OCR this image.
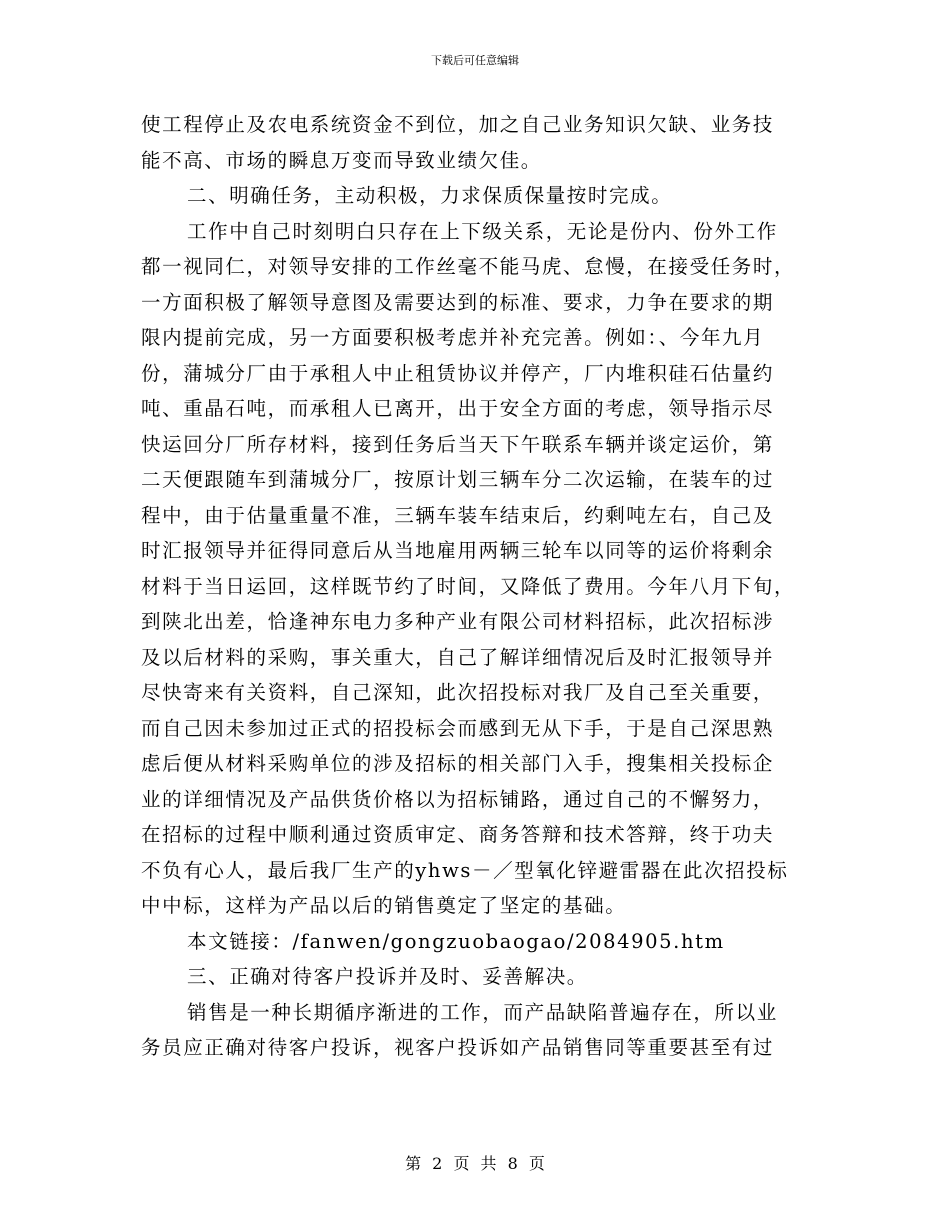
下载后可任意编辑
使工程停止及农电系统资金不到位，加之自己业务知识欠缺、业务技
能不高、市场的瞬息万变而导致业绩欠佳。
二、明确任务，主动积极，力求保质保量按时完成。
工作中自己时刻明白只存在上下级关系，无论是份内、份外工作
都一视同仁，对领导安排的工作丝毫不能马虎、怠慢，在接受任务时，
一方面积极了解领导意图及需要达到的标准、要求，力争在要求的期
限内提前完成，另一方面要积极考虑并补充完善。例如：、今年九月
份，蒲城分厂由于承租人中止租赁协议并停产，厂内堆积硅石估量约
吨、重晶石吨，而承租人已离开，出于安全方面的考虑，领导指示尽
快运回分厂所存材料，接到任务后当天下午联系车辆并谈定运价，第
二天便跟随车到蒲城分厂，按原计划三辆车分二次运输，在装车的过
程中，由于估量重量不准，三辆车装车结束后，约剩吨左右，自己及
时汇报领导并征得同意后从当地雇用两辆三轮车以同等的运价将剩余
材料于当日运回，这样既节约了时间，又降低了费用。今年八月下旬，
到陕北出差，恰逢神东电力多种产业有限公司材料招标，此次招标涉
及以后材料的采购，事关重大，自己了解详细情况后及时汇报领导并
尽快寄来有关资料，自己深知，此次招投标对我厂及自己至关重要，
而自己因未参加过正式的招投标会而感到无从下手，于是自己深思熟
虑后便从材料采购单位的涉及招标的相关部门入手，搜集相关投标企
业的详细情况及产品供货价格以为招标铺路，通过自己的不懈努力，
在招标的过程中顺利通过资质审定、商务答辩和技术答辩，终于功夫
不负有心人，最后我厂生产的yhws－／型氧化锌避雷器在此次招投标
中中标，这样为产品以后的销售奠定了坚定的基础。
本文链接：/fanwen/gongzuobaogao/2084905.htm
三、正确对待客户投诉并及时、妥善解决。
销售是一种长期循序渐进的工作，而产品缺陷普遍存在，所以业
务员应正确对待客户投诉，视客户投诉如产品销售同等重要甚至有过
第 2 页 共 8 页
